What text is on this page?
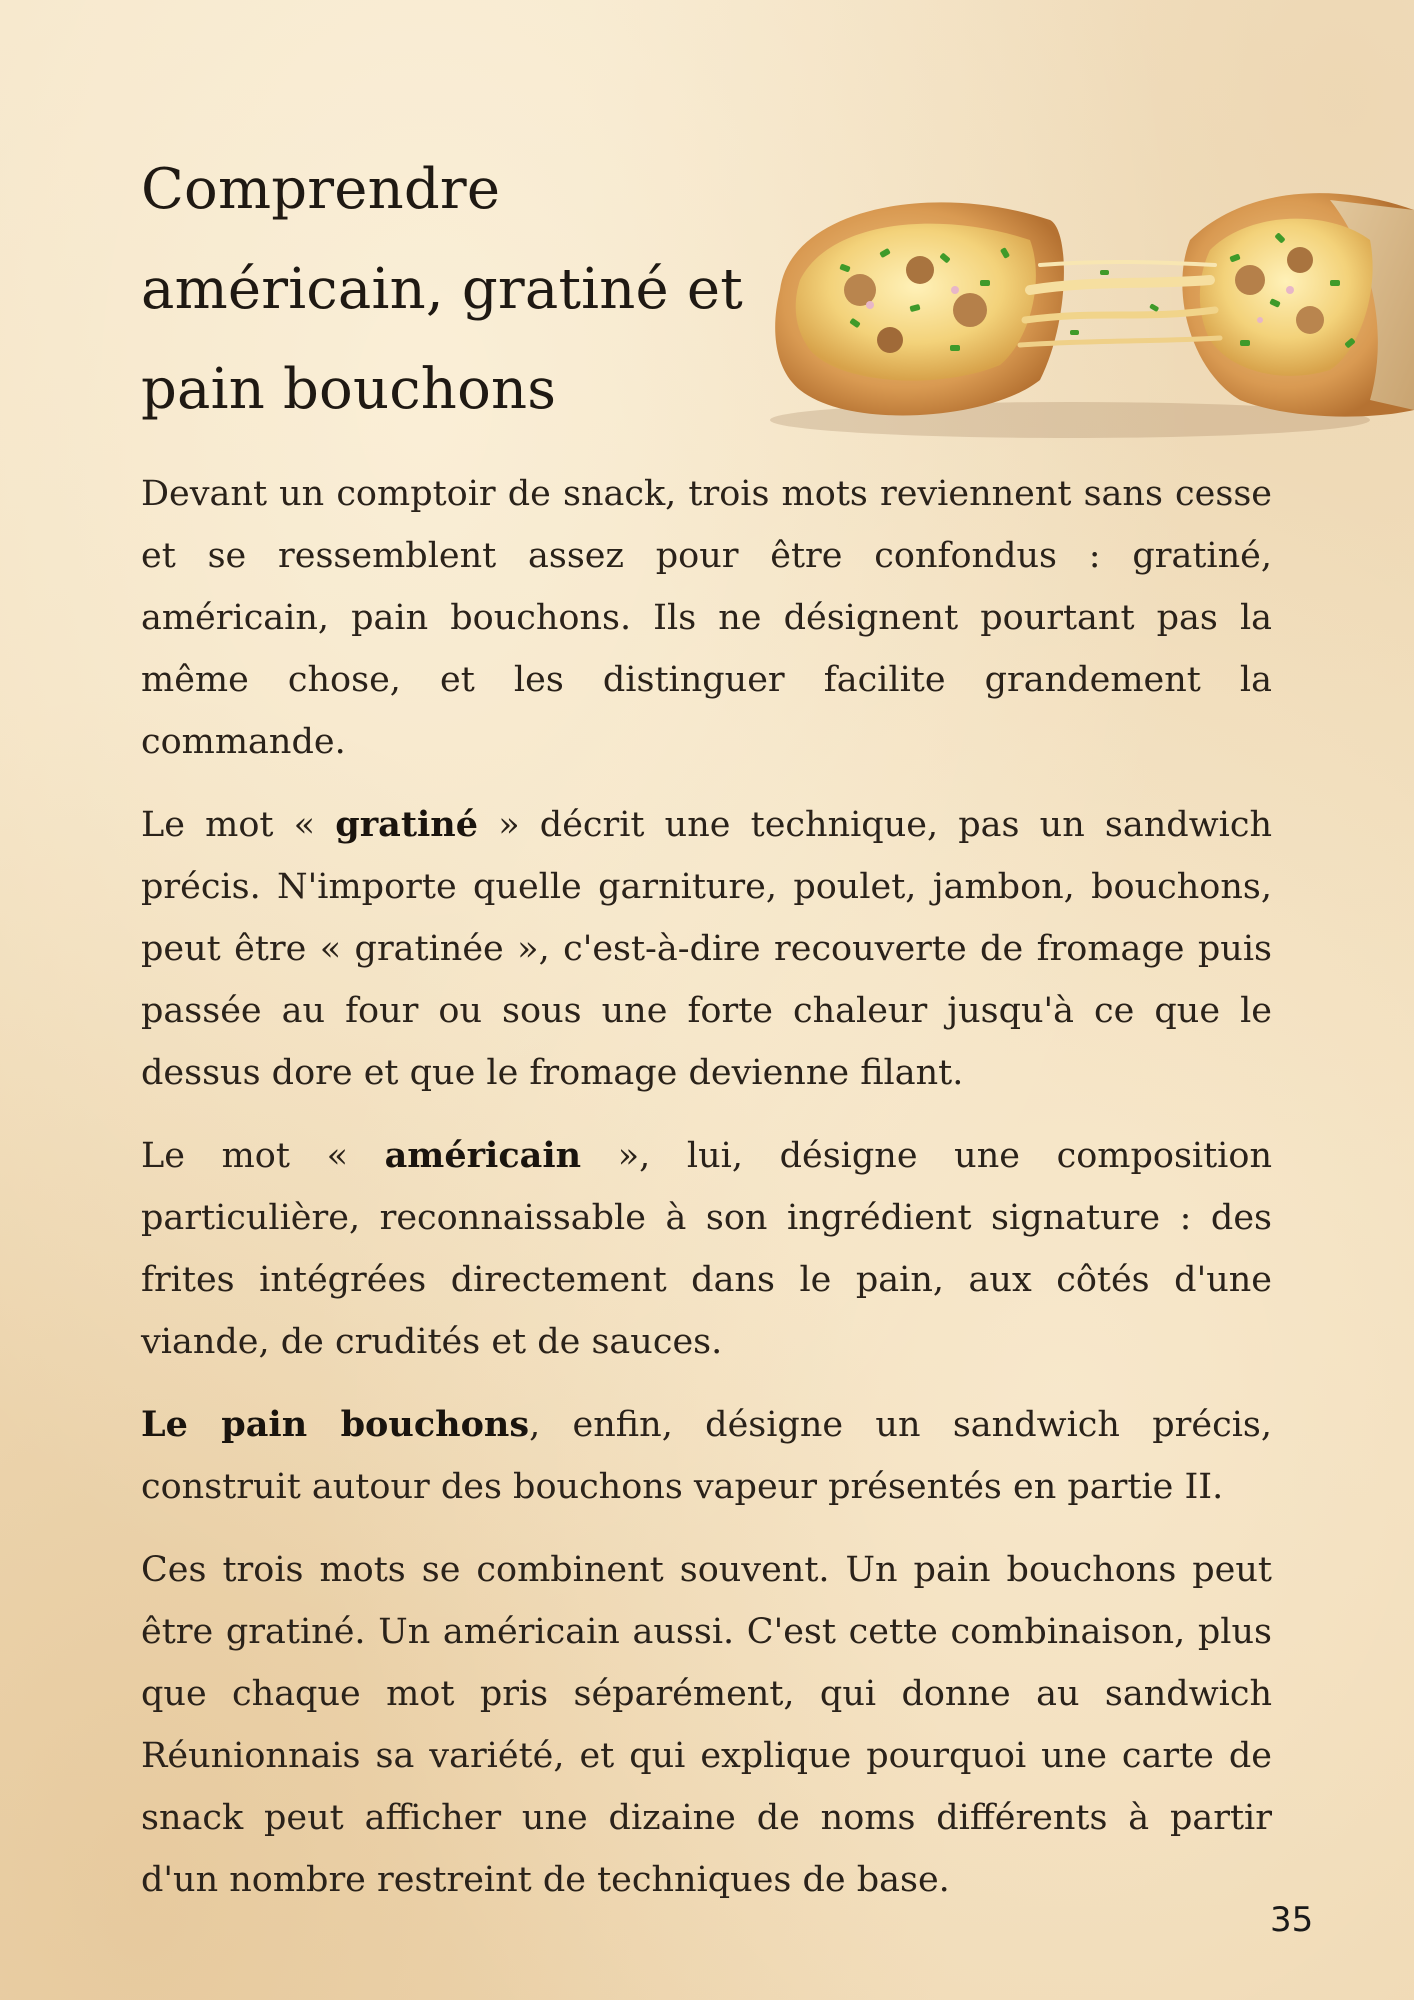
Comprendre américain, gratiné et pain bouchons

Devant un comptoir de snack, trois mots reviennent sans cesse et se ressemblent assez pour être confondus : gratiné, américain, pain bouchons. Ils ne désignent pourtant pas la même chose, et les distinguer facilite grandement la commande.

Le mot « gratiné » décrit une technique, pas un sandwich précis. N'importe quelle garniture, poulet, jambon, bouchons, peut être « gratinée », c'est-à-dire recouverte de fromage puis passée au four ou sous une forte chaleur jusqu'à ce que le dessus dore et que le fromage devienne filant.

Le mot « américain », lui, désigne une composition particulière, reconnaissable à son ingrédient signature : des frites intégrées directement dans le pain, aux côtés d'une viande, de crudités et de sauces.

Le pain bouchons, enfin, désigne un sandwich précis, construit autour des bouchons vapeur présentés en partie II.

Ces trois mots se combinent souvent. Un pain bouchons peut être gratiné. Un américain aussi. C'est cette combinaison, plus que chaque mot pris séparément, qui donne au sandwich Réunionnais sa variété, et qui explique pourquoi une carte de snack peut afficher une dizaine de noms différents à partir d'un nombre restreint de techniques de base.

35
